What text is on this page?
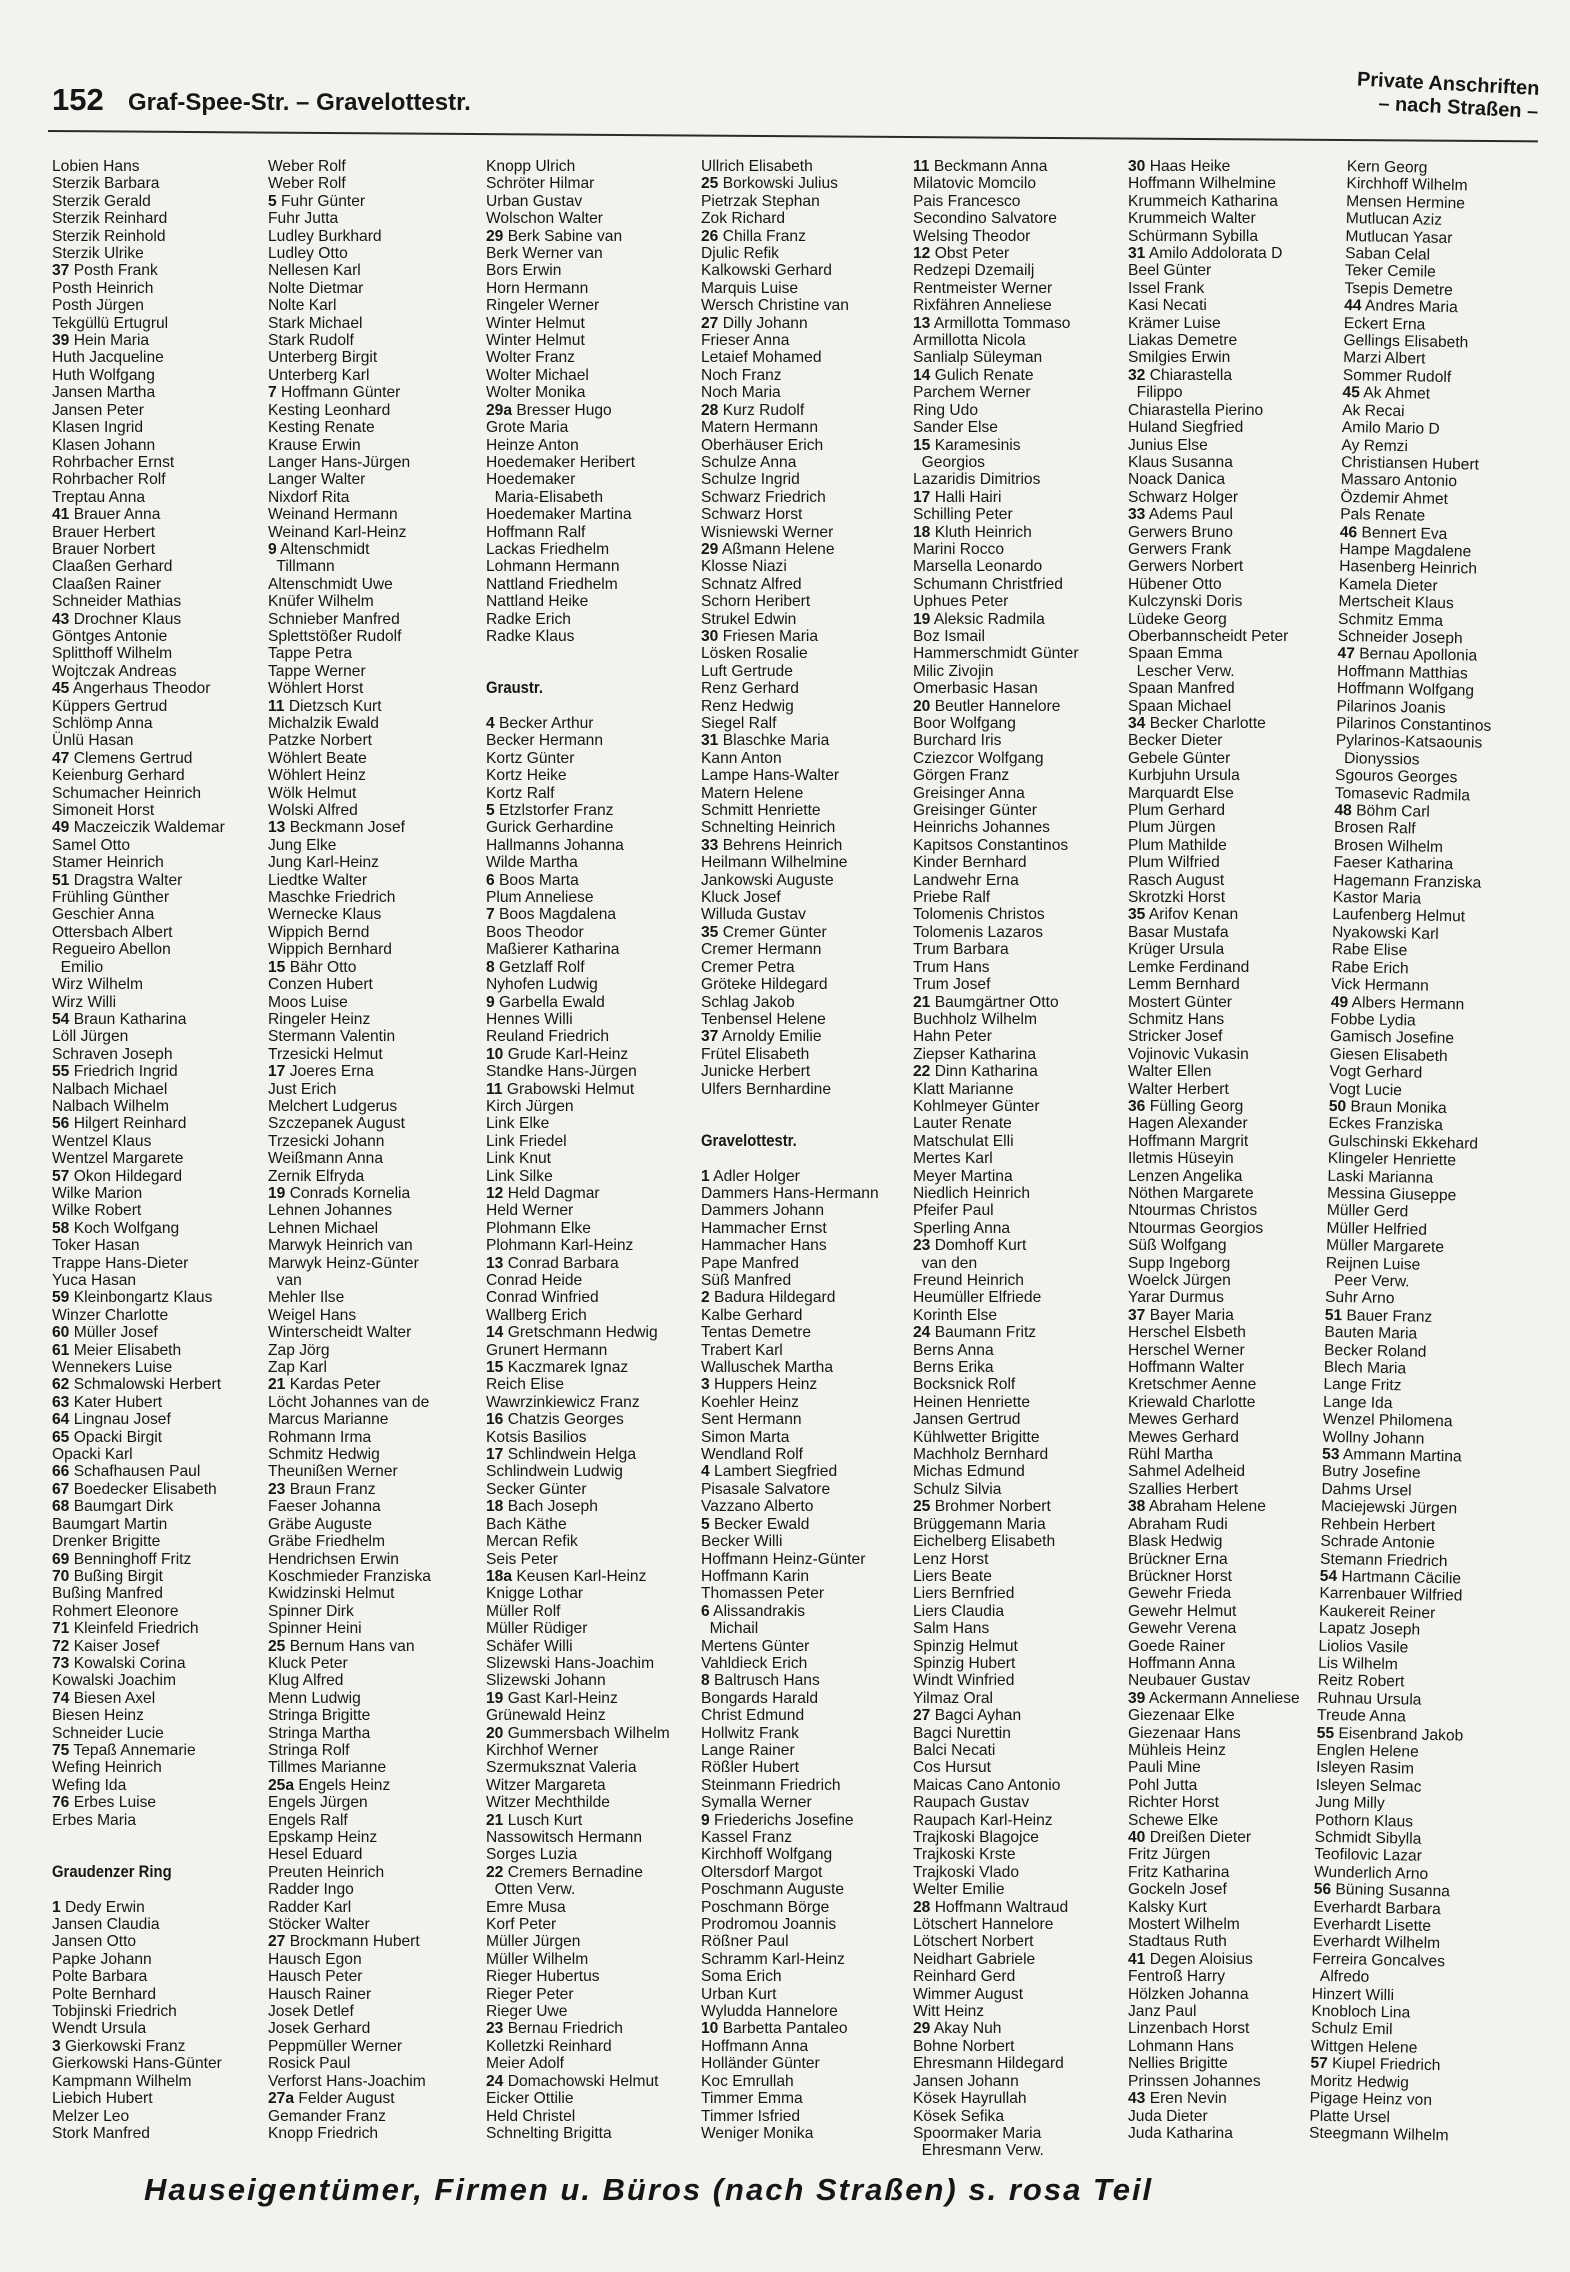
152 Graf-Spee-Str. – Gravelottestr.
Private Anschriften
– nach Straßen –
Lobien Hans
Sterzik Barbara
Sterzik Gerald
Sterzik Reinhard
Sterzik Reinhold
Sterzik Ulrike
37 Posth Frank
Posth Heinrich
Posth Jürgen
Tekgüllü Ertugrul
39 Hein Maria
Huth Jacqueline
Huth Wolfgang
Jansen Martha
Jansen Peter
Klasen Ingrid
Klasen Johann
Rohrbacher Ernst
Rohrbacher Rolf
Treptau Anna
41 Brauer Anna
Brauer Herbert
Brauer Norbert
Claaßen Gerhard
Claaßen Rainer
Schneider Mathias
43 Drochner Klaus
Göntges Antonie
Splitthoff Wilhelm
Wojtczak Andreas
45 Angerhaus Theodor
Küppers Gertrud
Schlömp Anna
Ünlü Hasan
47 Clemens Gertrud
Keienburg Gerhard
Schumacher Heinrich
Simoneit Horst
49 Maczeiczik Waldemar
Samel Otto
Stamer Heinrich
51 Dragstra Walter
Frühling Günther
Geschier Anna
Ottersbach Albert
Regueiro Abellon
Emilio
Wirz Wilhelm
Wirz Willi
54 Braun Katharina
Löll Jürgen
Schraven Joseph
55 Friedrich Ingrid
Nalbach Michael
Nalbach Wilhelm
56 Hilgert Reinhard
Wentzel Klaus
Wentzel Margarete
57 Okon Hildegard
Wilke Marion
Wilke Robert
58 Koch Wolfgang
Toker Hasan
Trappe Hans-Dieter
Yuca Hasan
59 Kleinbongartz Klaus
Winzer Charlotte
60 Müller Josef
61 Meier Elisabeth
Wennekers Luise
62 Schmalowski Herbert
63 Kater Hubert
64 Lingnau Josef
65 Opacki Birgit
Opacki Karl
66 Schafhausen Paul
67 Boedecker Elisabeth
68 Baumgart Dirk
Baumgart Martin
Drenker Brigitte
69 Benninghoff Fritz
70 Bußing Birgit
Bußing Manfred
Rohmert Eleonore
71 Kleinfeld Friedrich
72 Kaiser Josef
73 Kowalski Corina
Kowalski Joachim
74 Biesen Axel
Biesen Heinz
Schneider Lucie
75 Tepaß Annemarie
Wefing Heinrich
Wefing Ida
76 Erbes Luise
Erbes Maria
Graudenzer Ring
1 Dedy Erwin
Jansen Claudia
Jansen Otto
Papke Johann
Polte Barbara
Polte Bernhard
Tobjinski Friedrich
Wendt Ursula
3 Gierkowski Franz
Gierkowski Hans-Günter
Kampmann Wilhelm
Liebich Hubert
Melzer Leo
Stork Manfred
Weber Rolf
Weber Rolf
5 Fuhr Günter
Fuhr Jutta
Ludley Burkhard
Ludley Otto
Nellesen Karl
Nolte Dietmar
Nolte Karl
Stark Michael
Stark Rudolf
Unterberg Birgit
Unterberg Karl
7 Hoffmann Günter
Kesting Leonhard
Kesting Renate
Krause Erwin
Langer Hans-Jürgen
Langer Walter
Nixdorf Rita
Weinand Hermann
Weinand Karl-Heinz
9 Altenschmidt
Tillmann
Altenschmidt Uwe
Knüfer Wilhelm
Schnieber Manfred
Splettstößer Rudolf
Tappe Petra
Tappe Werner
Wöhlert Horst
11 Dietzsch Kurt
Michalzik Ewald
Patzke Norbert
Wöhlert Beate
Wöhlert Heinz
Wölk Helmut
Wolski Alfred
13 Beckmann Josef
Jung Elke
Jung Karl-Heinz
Liedtke Walter
Maschke Friedrich
Wernecke Klaus
Wippich Bernd
Wippich Bernhard
15 Bähr Otto
Conzen Hubert
Moos Luise
Ringeler Heinz
Stermann Valentin
Trzesicki Helmut
17 Joeres Erna
Just Erich
Melchert Ludgerus
Szczepanek August
Trzesicki Johann
Weißmann Anna
Zernik Elfryda
19 Conrads Kornelia
Lehnen Johannes
Lehnen Michael
Marwyk Heinrich van
Marwyk Heinz-Günter
van
Mehler Ilse
Weigel Hans
Winterscheidt Walter
Zap Jörg
Zap Karl
21 Kardas Peter
Löcht Johannes van de
Marcus Marianne
Rohmann Irma
Schmitz Hedwig
Theunißen Werner
23 Braun Franz
Faeser Johanna
Gräbe Auguste
Gräbe Friedhelm
Hendrichsen Erwin
Koschmieder Franziska
Kwidzinski Helmut
Spinner Dirk
Spinner Heini
25 Bernum Hans van
Kluck Peter
Klug Alfred
Menn Ludwig
Stringa Brigitte
Stringa Martha
Stringa Rolf
Tillmes Marianne
25a Engels Heinz
Engels Jürgen
Engels Ralf
Epskamp Heinz
Hesel Eduard
Preuten Heinrich
Radder Ingo
Radder Karl
Stöcker Walter
27 Brockmann Hubert
Hausch Egon
Hausch Peter
Hausch Rainer
Josek Detlef
Josek Gerhard
Peppmüller Werner
Rosick Paul
Verforst Hans-Joachim
27a Felder August
Gemander Franz
Knopp Friedrich
Knopp Ulrich
Schröter Hilmar
Urban Gustav
Wolschon Walter
29 Berk Sabine van
Berk Werner van
Bors Erwin
Horn Hermann
Ringeler Werner
Winter Helmut
Winter Helmut
Wolter Franz
Wolter Michael
Wolter Monika
29a Bresser Hugo
Grote Maria
Heinze Anton
Hoedemaker Heribert
Hoedemaker
Maria-Elisabeth
Hoedemaker Martina
Hoffmann Ralf
Lackas Friedhelm
Lohmann Hermann
Nattland Friedhelm
Nattland Heike
Radke Erich
Radke Klaus
Graustr.
4 Becker Arthur
Becker Hermann
Kortz Günter
Kortz Heike
Kortz Ralf
5 Etzlstorfer Franz
Gurick Gerhardine
Hallmanns Johanna
Wilde Martha
6 Boos Marta
Plum Anneliese
7 Boos Magdalena
Boos Theodor
Maßierer Katharina
8 Getzlaff Rolf
Nyhofen Ludwig
9 Garbella Ewald
Hennes Willi
Reuland Friedrich
10 Grude Karl-Heinz
Standke Hans-Jürgen
11 Grabowski Helmut
Kirch Jürgen
Link Elke
Link Friedel
Link Knut
Link Silke
12 Held Dagmar
Held Werner
Plohmann Elke
Plohmann Karl-Heinz
13 Conrad Barbara
Conrad Heide
Conrad Winfried
Wallberg Erich
14 Gretschmann Hedwig
Grunert Hermann
15 Kaczmarek Ignaz
Reich Elise
Wawrzinkiewicz Franz
16 Chatzis Georges
Kotsis Basilios
17 Schlindwein Helga
Schlindwein Ludwig
Secker Günter
18 Bach Joseph
Bach Käthe
Mercan Refik
Seis Peter
18a Keusen Karl-Heinz
Knigge Lothar
Müller Rolf
Müller Rüdiger
Schäfer Willi
Slizewski Hans-Joachim
Slizewski Johann
19 Gast Karl-Heinz
Grünewald Heinz
20 Gummersbach Wilhelm
Kirchhof Werner
Szermuksznat Valeria
Witzer Margareta
Witzer Mechthilde
21 Lusch Kurt
Nassowitsch Hermann
Sorges Luzia
22 Cremers Bernadine
Otten Verw.
Emre Musa
Korf Peter
Müller Jürgen
Müller Wilhelm
Rieger Hubertus
Rieger Peter
Rieger Uwe
23 Bernau Friedrich
Kolletzki Reinhard
Meier Adolf
24 Domachowski Helmut
Eicker Ottilie
Held Christel
Schnelting Brigitta
Ullrich Elisabeth
25 Borkowski Julius
Pietrzak Stephan
Zok Richard
26 Chilla Franz
Djulic Refik
Kalkowski Gerhard
Marquis Luise
Wersch Christine van
27 Dilly Johann
Frieser Anna
Letaief Mohamed
Noch Franz
Noch Maria
28 Kurz Rudolf
Matern Hermann
Oberhäuser Erich
Schulze Anna
Schulze Ingrid
Schwarz Friedrich
Schwarz Horst
Wisniewski Werner
29 Aßmann Helene
Klosse Niazi
Schnatz Alfred
Schorn Heribert
Strukel Edwin
30 Friesen Maria
Lösken Rosalie
Luft Gertrude
Renz Gerhard
Renz Hedwig
Siegel Ralf
31 Blaschke Maria
Kann Anton
Lampe Hans-Walter
Matern Helene
Schmitt Henriette
Schnelting Heinrich
33 Behrens Heinrich
Heilmann Wilhelmine
Jankowski Auguste
Kluck Josef
Willuda Gustav
35 Cremer Günter
Cremer Hermann
Cremer Petra
Gröteke Hildegard
Schlag Jakob
Tenbensel Helene
37 Arnoldy Emilie
Frütel Elisabeth
Junicke Herbert
Ulfers Bernhardine
Gravelottestr.
1 Adler Holger
Dammers Hans-Hermann
Dammers Johann
Hammacher Ernst
Hammacher Hans
Pape Manfred
Süß Manfred
2 Badura Hildegard
Kalbe Gerhard
Tentas Demetre
Trabert Karl
Walluschek Martha
3 Huppers Heinz
Koehler Heinz
Sent Hermann
Simon Marta
Wendland Rolf
4 Lambert Siegfried
Pisasale Salvatore
Vazzano Alberto
5 Becker Ewald
Becker Willi
Hoffmann Heinz-Günter
Hoffmann Karin
Thomassen Peter
6 Alissandrakis
Michail
Mertens Günter
Vahldieck Erich
8 Baltrusch Hans
Bongards Harald
Christ Edmund
Hollwitz Frank
Lange Rainer
Rößler Hubert
Steinmann Friedrich
Symalla Werner
9 Friederichs Josefine
Kassel Franz
Kirchhoff Wolfgang
Oltersdorf Margot
Poschmann Auguste
Poschmann Börge
Prodromou Joannis
Rößner Paul
Schramm Karl-Heinz
Soma Erich
Urban Kurt
Wyludda Hannelore
10 Barbetta Pantaleo
Hoffmann Anna
Holländer Günter
Koc Emrullah
Timmer Emma
Timmer Isfried
Weniger Monika
11 Beckmann Anna
Milatovic Momcilo
Pais Francesco
Secondino Salvatore
Welsing Theodor
12 Obst Peter
Redzepi Dzemailj
Rentmeister Werner
Rixfähren Anneliese
13 Armillotta Tommaso
Armillotta Nicola
Sanlialp Süleyman
14 Gulich Renate
Parchem Werner
Ring Udo
Sander Else
15 Karamesinis
Georgios
Lazaridis Dimitrios
17 Halli Hairi
Schilling Peter
18 Kluth Heinrich
Marini Rocco
Marsella Leonardo
Schumann Christfried
Uphues Peter
19 Aleksic Radmila
Boz Ismail
Hammerschmidt Günter
Milic Zivojin
Omerbasic Hasan
20 Beutler Hannelore
Boor Wolfgang
Burchard Iris
Cziezcor Wolfgang
Görgen Franz
Greisinger Anna
Greisinger Günter
Heinrichs Johannes
Kapitsos Constantinos
Kinder Bernhard
Landwehr Erna
Priebe Ralf
Tolomenis Christos
Tolomenis Lazaros
Trum Barbara
Trum Hans
Trum Josef
21 Baumgärtner Otto
Buchholz Wilhelm
Hahn Peter
Ziepser Katharina
22 Dinn Katharina
Klatt Marianne
Kohlmeyer Günter
Lauter Renate
Matschulat Elli
Mertes Karl
Meyer Martina
Niedlich Heinrich
Pfeifer Paul
Sperling Anna
23 Domhoff Kurt
van den
Freund Heinrich
Heumüller Elfriede
Korinth Else
24 Baumann Fritz
Berns Anna
Berns Erika
Bocksnick Rolf
Heinen Henriette
Jansen Gertrud
Kühlwetter Brigitte
Machholz Bernhard
Michas Edmund
Schulz Silvia
25 Brohmer Norbert
Brüggemann Maria
Eichelberg Elisabeth
Lenz Horst
Liers Beate
Liers Bernfried
Liers Claudia
Salm Hans
Spinzig Helmut
Spinzig Hubert
Windt Winfried
Yilmaz Oral
27 Bagci Ayhan
Bagci Nurettin
Balci Necati
Cos Hursut
Maicas Cano Antonio
Raupach Gustav
Raupach Karl-Heinz
Trajkoski Blagojce
Trajkoski Krste
Trajkoski Vlado
Welter Emilie
28 Hoffmann Waltraud
Lötschert Hannelore
Lötschert Norbert
Neidhart Gabriele
Reinhard Gerd
Wimmer August
Witt Heinz
29 Akay Nuh
Bohne Norbert
Ehresmann Hildegard
Jansen Johann
Kösek Hayrullah
Kösek Sefika
Spoormaker Maria
Ehresmann Verw.
30 Haas Heike
Hoffmann Wilhelmine
Krummeich Katharina
Krummeich Walter
Schürmann Sybilla
31 Amilo Addolorata D
Beel Günter
Issel Frank
Kasi Necati
Krämer Luise
Liakas Demetre
Smilgies Erwin
32 Chiarastella
Filippo
Chiarastella Pierino
Huland Siegfried
Junius Else
Klaus Susanna
Noack Danica
Schwarz Holger
33 Adems Paul
Gerwers Bruno
Gerwers Frank
Gerwers Norbert
Hübener Otto
Kulczynski Doris
Lüdeke Georg
Oberbannscheidt Peter
Spaan Emma
Lescher Verw.
Spaan Manfred
Spaan Michael
34 Becker Charlotte
Becker Dieter
Gebele Günter
Kurbjuhn Ursula
Marquardt Else
Plum Gerhard
Plum Jürgen
Plum Mathilde
Plum Wilfried
Rasch August
Skrotzki Horst
35 Arifov Kenan
Basar Mustafa
Krüger Ursula
Lemke Ferdinand
Lemm Bernhard
Mostert Günter
Schmitz Hans
Stricker Josef
Vojinovic Vukasin
Walter Ellen
Walter Herbert
36 Fülling Georg
Hagen Alexander
Hoffmann Margrit
Iletmis Hüseyin
Lenzen Angelika
Nöthen Margarete
Ntourmas Christos
Ntourmas Georgios
Süß Wolfgang
Supp Ingeborg
Woelck Jürgen
Yarar Durmus
37 Bayer Maria
Herschel Elsbeth
Herschel Werner
Hoffmann Walter
Kretschmer Aenne
Kriewald Charlotte
Mewes Gerhard
Mewes Gerhard
Rühl Martha
Sahmel Adelheid
Szallies Herbert
38 Abraham Helene
Abraham Rudi
Blask Hedwig
Brückner Erna
Brückner Horst
Gewehr Frieda
Gewehr Helmut
Gewehr Verena
Goede Rainer
Hoffmann Anna
Neubauer Gustav
39 Ackermann Anneliese
Giezenaar Elke
Giezenaar Hans
Mühleis Heinz
Pauli Mine
Pohl Jutta
Richter Horst
Schewe Elke
40 Dreißen Dieter
Fritz Jürgen
Fritz Katharina
Gockeln Josef
Kalsky Kurt
Mostert Wilhelm
Stadtaus Ruth
41 Degen Aloisius
Fentroß Harry
Hölzken Johanna
Janz Paul
Linzenbach Horst
Lohmann Hans
Nellies Brigitte
Prinssen Johannes
43 Eren Nevin
Juda Dieter
Juda Katharina
Kern Georg
Kirchhoff Wilhelm
Mensen Hermine
Mutlucan Aziz
Mutlucan Yasar
Saban Celal
Teker Cemile
Tsepis Demetre
44 Andres Maria
Eckert Erna
Gellings Elisabeth
Marzi Albert
Sommer Rudolf
45 Ak Ahmet
Ak Recai
Amilo Mario D
Ay Remzi
Christiansen Hubert
Massaro Antonio
Özdemir Ahmet
Pals Renate
46 Bennert Eva
Hampe Magdalene
Hasenberg Heinrich
Kamela Dieter
Mertscheit Klaus
Schmitz Emma
Schneider Joseph
47 Bernau Apollonia
Hoffmann Matthias
Hoffmann Wolfgang
Pilarinos Joanis
Pilarinos Constantinos
Pylarinos-Katsaounis
Dionyssios
Sgouros Georges
Tomasevic Radmila
48 Böhm Carl
Brosen Ralf
Brosen Wilhelm
Faeser Katharina
Hagemann Franziska
Kastor Maria
Laufenberg Helmut
Nyakowski Karl
Rabe Elise
Rabe Erich
Vick Hermann
49 Albers Hermann
Fobbe Lydia
Gamisch Josefine
Giesen Elisabeth
Vogt Gerhard
Vogt Lucie
50 Braun Monika
Eckes Franziska
Gulschinski Ekkehard
Klingeler Henriette
Laski Marianna
Messina Giuseppe
Müller Gerd
Müller Helfried
Müller Margarete
Reijnen Luise
Peer Verw.
Suhr Arno
51 Bauer Franz
Bauten Maria
Becker Roland
Blech Maria
Lange Fritz
Lange Ida
Wenzel Philomena
Wollny Johann
53 Ammann Martina
Butry Josefine
Dahms Ursel
Maciejewski Jürgen
Rehbein Herbert
Schrade Antonie
Stemann Friedrich
54 Hartmann Cäcilie
Karrenbauer Wilfried
Kaukereit Reiner
Lapatz Joseph
Liolios Vasile
Lis Wilhelm
Reitz Robert
Ruhnau Ursula
Treude Anna
55 Eisenbrand Jakob
Englen Helene
Isleyen Rasim
Isleyen Selmac
Jung Milly
Pothorn Klaus
Schmidt Sibylla
Teofilovic Lazar
Wunderlich Arno
56 Büning Susanna
Everhardt Barbara
Everhardt Lisette
Everhardt Wilhelm
Ferreira Goncalves
Alfredo
Hinzert Willi
Knobloch Lina
Schulz Emil
Wittgen Helene
57 Kiupel Friedrich
Moritz Hedwig
Pigage Heinz von
Platte Ursel
Steegmann Wilhelm
Hauseigentümer, Firmen u. Büros (nach Straßen) s. rosa Teil
